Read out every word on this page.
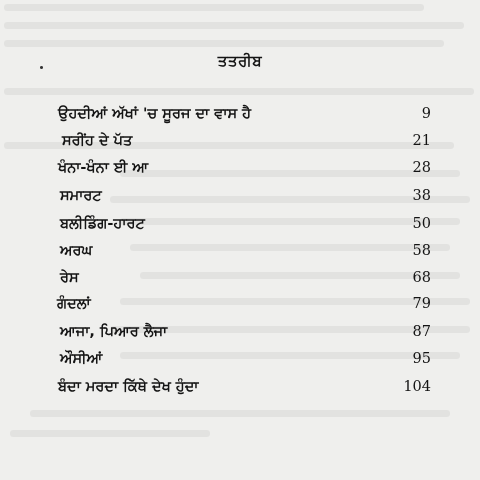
ਤਤਰੀਬ
ਉਹਦੀਆਂ ਅੱਖਾਂ 'ਚ ਸੂਰਜ ਦਾ ਵਾਸ ਹੈ	9
ਸਰੀਂਹ ਦੇ ਪੱਤ	21
ਖੰਨਾ-ਖੰਨਾ ਈ ਆ	28
ਸਮਾਰਟ	38
ਬਲੀਡਿੰਗ-ਹਾਰਟ	50
ਅਰਘ	58
ਰੇਸ	68
ਗੰਦਲਾਂ	79
ਆਜਾ, ਪਿਆਰ ਲੈਜਾ	87
ਔਸੀਆਂ	95
ਬੰਦਾ ਮਰਦਾ ਕਿੱਥੇ ਦੇਖ ਹੁੰਦਾ	104
